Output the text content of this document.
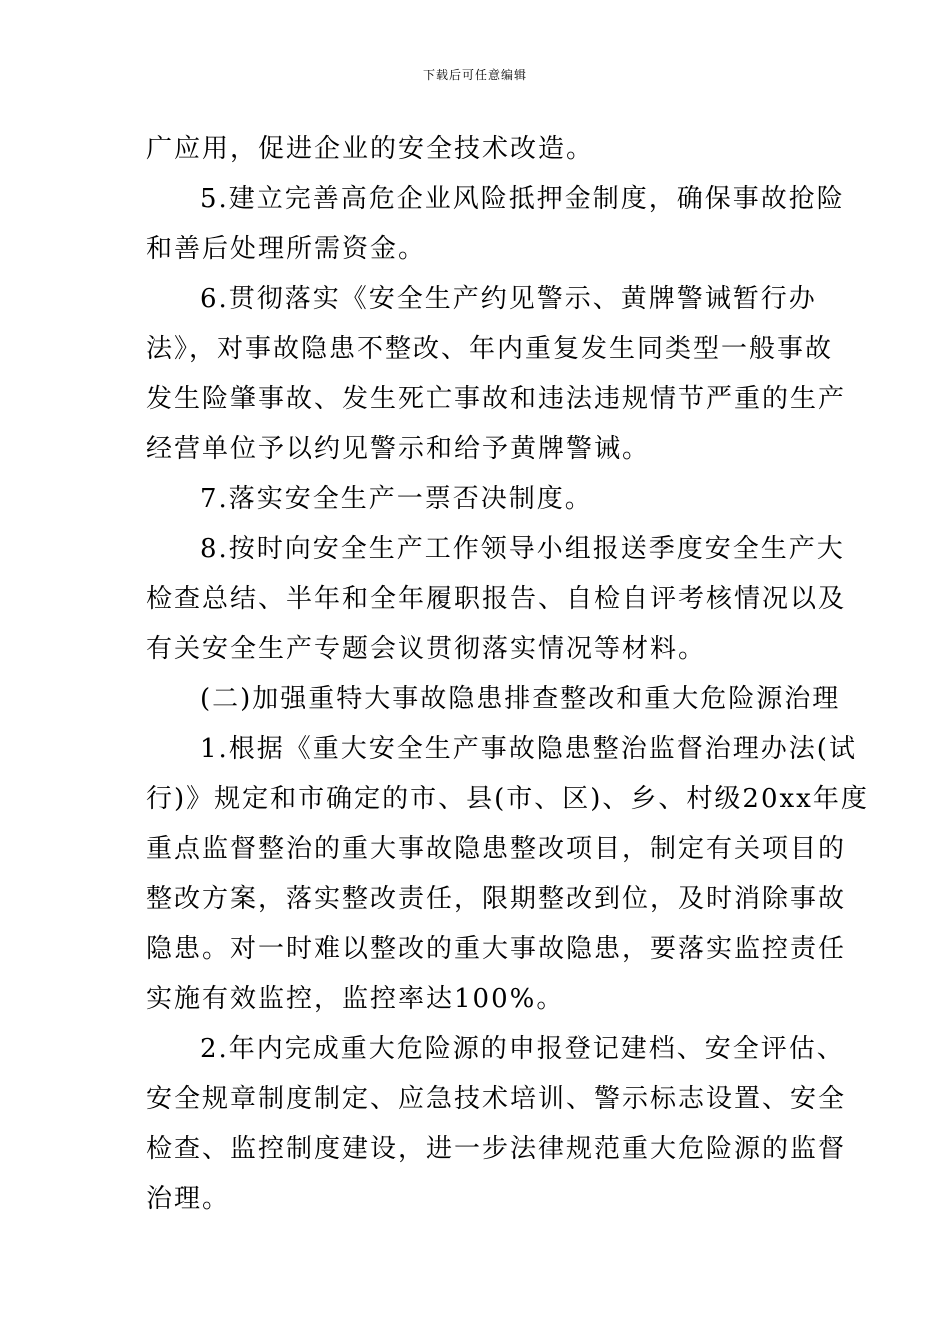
下载后可任意编辑
广应用，促进企业的安全技术改造。
5.建立完善高危企业风险抵押金制度，确保事故抢险
和善后处理所需资金。
6.贯彻落实《安全生产约见警示、黄牌警诫暂行办
法》，对事故隐患不整改、年内重复发生同类型一般事故
发生险肇事故、发生死亡事故和违法违规情节严重的生产
经营单位予以约见警示和给予黄牌警诫。
7.落实安全生产一票否决制度。
8.按时向安全生产工作领导小组报送季度安全生产大
检查总结、半年和全年履职报告、自检自评考核情况以及
有关安全生产专题会议贯彻落实情况等材料。
(二)加强重特大事故隐患排查整改和重大危险源治理
1.根据《重大安全生产事故隐患整治监督治理办法(试
行)》规定和市确定的市、县(市、区)、乡、村级20xx年度
重点监督整治的重大事故隐患整改项目，制定有关项目的
整改方案，落实整改责任，限期整改到位，及时消除事故
隐患。对一时难以整改的重大事故隐患，要落实监控责任
实施有效监控，监控率达100%。
2.年内完成重大危险源的申报登记建档、安全评估、
安全规章制度制定、应急技术培训、警示标志设置、安全
检查、监控制度建设，进一步法律规范重大危险源的监督
治理。
